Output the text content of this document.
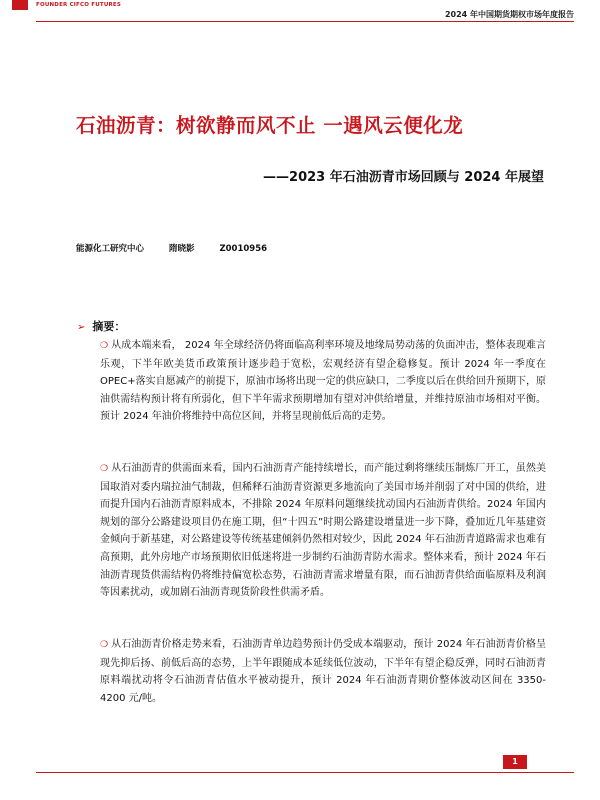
FOUNDER CIFCO FUTURES
2024 年中国期货期权市场年度报告
石油沥青：树欲静而风不止 一遇风云便化龙
——2023 年石油沥青市场回顾与 2024 年展望
能源化工研究中心	隋晓影	Z0010956
➢ 摘要：
❍ 从成本端来看， 2024 年全球经济仍将面临高利率环境及地缘局势动荡的负面冲击，整体表现难言乐观，下半年欧美货币政策预计逐步趋于宽松，宏观经济有望企稳修复。预计 2024 年一季度在 OPEC+落实自愿减产的前提下，原油市场将出现一定的供应缺口，二季度以后在供给回升预期下，原油供需结构预计将有所弱化，但下半年需求预期增加有望对冲供给增量，并维持原油市场相对平衡。预计 2024 年油价将维持中高位区间，并将呈现前低后高的走势。
❍ 从石油沥青的供需面来看，国内石油沥青产能持续增长，而产能过剩将继续压制炼厂开工，虽然美国取消对委内瑞拉油气制裁，但稀释石油沥青资源更多地流向了美国市场并削弱了对中国的供给，进而提升国内石油沥青原料成本，不排除 2024 年原料问题继续扰动国内石油沥青供给。2024 年国内规划的部分公路建设项目仍在施工期，但“十四五”时期公路建设增量进一步下降，叠加近几年基建资金倾向于新基建，对公路建设等传统基建倾斜仍然相对较少，因此 2024 年石油沥青道路需求也难有高预期，此外房地产市场预期依旧低迷将进一步制约石油沥青防水需求。整体来看，预计 2024 年石油沥青现货供需结构仍将维持偏宽松态势，石油沥青需求增量有限，而石油沥青供给面临原料及利润等因素扰动，或加剧石油沥青现货阶段性供需矛盾。
❍ 从石油沥青价格走势来看，石油沥青单边趋势预计仍受成本端驱动，预计 2024 年石油沥青价格呈现先抑后扬、前低后高的态势，上半年跟随成本延续低位波动，下半年有望企稳反弹，同时石油沥青原料端扰动将令石油沥青估值水平被动提升，预计 2024 年石油沥青期价整体波动区间在 3350-4200 元/吨。
1
